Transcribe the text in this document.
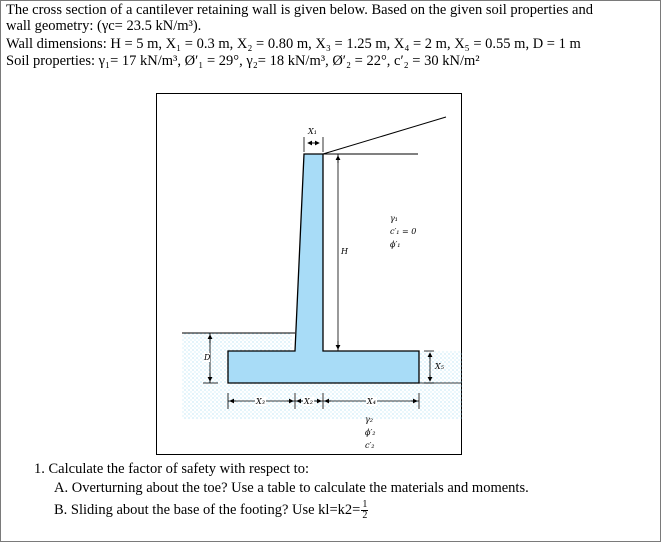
The cross section of a cantilever retaining wall is given below. Based on the given soil properties and
wall geometry: (γc= 23.5 kN/m³).
Wall dimensions: H = 5 m, X₁ = 0.3 m, X₂ = 0.80 m, X₃ = 1.25 m, X₄ = 2 m, X₅ = 0.55 m, D = 1 m
Soil properties: γ₁= 17 kN/m³, Ø′₁ = 29°, γ₂= 18 kN/m³, Ø′₂ = 22°, c′₂ = 30 kN/m²
X₁
H
D
X₃	X₂	X₄
X₅
γ₁
c′₁ = 0
ϕ′₁
γ₂
ϕ′₂
c′₂
1. Calculate the factor of safety with respect to:
A. Overturning about the toe? Use a table to calculate the materials and moments.
B. Sliding about the base of the footing? Use $kl=k2= \frac{1}{2}$
